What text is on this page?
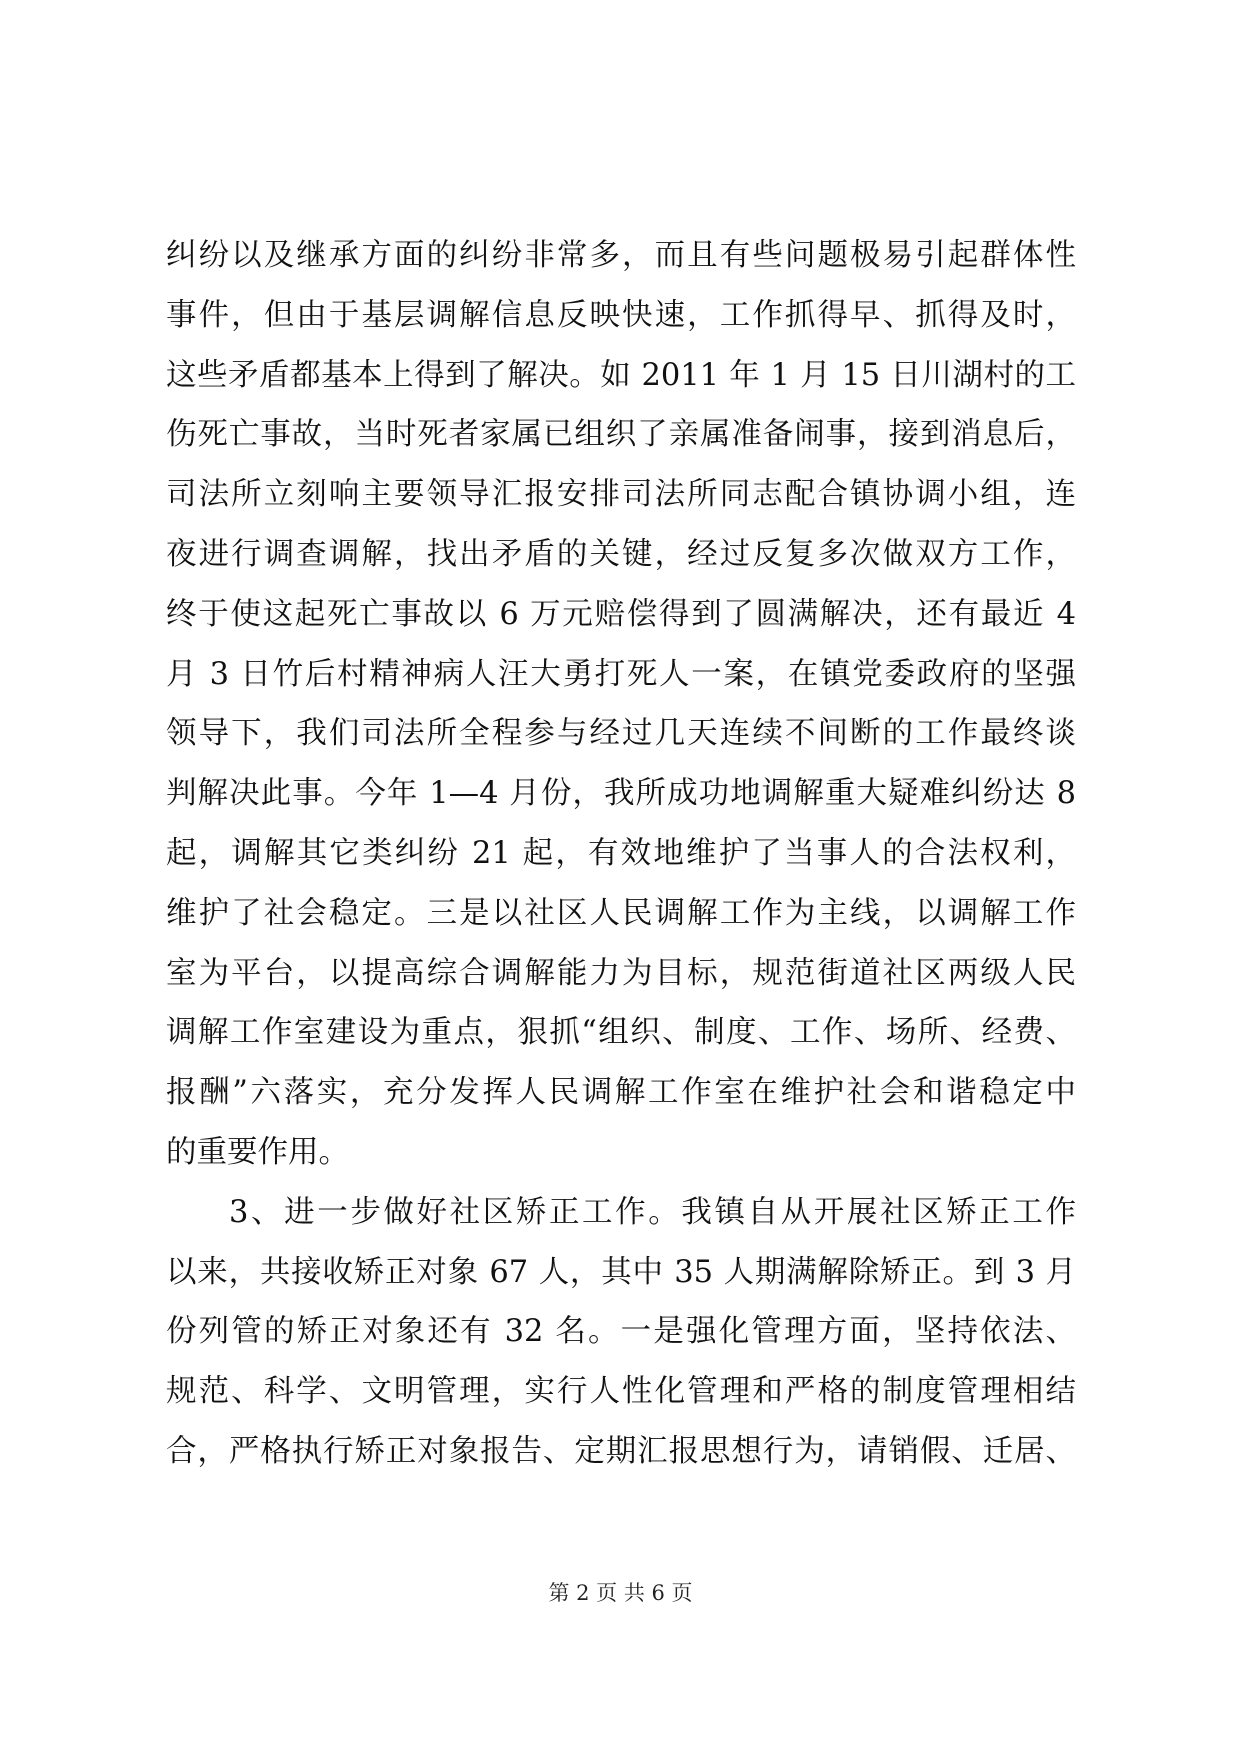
纠纷以及继承方面的纠纷非常多，而且有些问题极易引起群体性
事件，但由于基层调解信息反映快速，工作抓得早、抓得及时，
这些矛盾都基本上得到了解决。如 2011 年 1 月 15 日川湖村的工
伤死亡事故，当时死者家属已组织了亲属准备闹事，接到消息后，
司法所立刻响主要领导汇报安排司法所同志配合镇协调小组，连
夜进行调查调解，找出矛盾的关键，经过反复多次做双方工作，
终于使这起死亡事故以 6 万元赔偿得到了圆满解决，还有最近 4
月 3 日竹后村精神病人汪大勇打死人一案，在镇党委政府的坚强
领导下，我们司法所全程参与经过几天连续不间断的工作最终谈
判解决此事。今年 1—4 月份，我所成功地调解重大疑难纠纷达 8
起，调解其它类纠纷 21 起，有效地维护了当事人的合法权利，
维护了社会稳定。三是以社区人民调解工作为主线，以调解工作
室为平台，以提高综合调解能力为目标，规范街道社区两级人民
调解工作室建设为重点，狠抓“组织、制度、工作、场所、经费、
报酬”六落实，充分发挥人民调解工作室在维护社会和谐稳定中
的重要作用。
3、进一步做好社区矫正工作。我镇自从开展社区矫正工作
以来，共接收矫正对象 67 人，其中 35 人期满解除矫正。到 3 月
份列管的矫正对象还有 32 名。一是强化管理方面，坚持依法、
规范、科学、文明管理，实行人性化管理和严格的制度管理相结
合，严格执行矫正对象报告、定期汇报思想行为，请销假、迁居、
第 2 页 共 6 页
